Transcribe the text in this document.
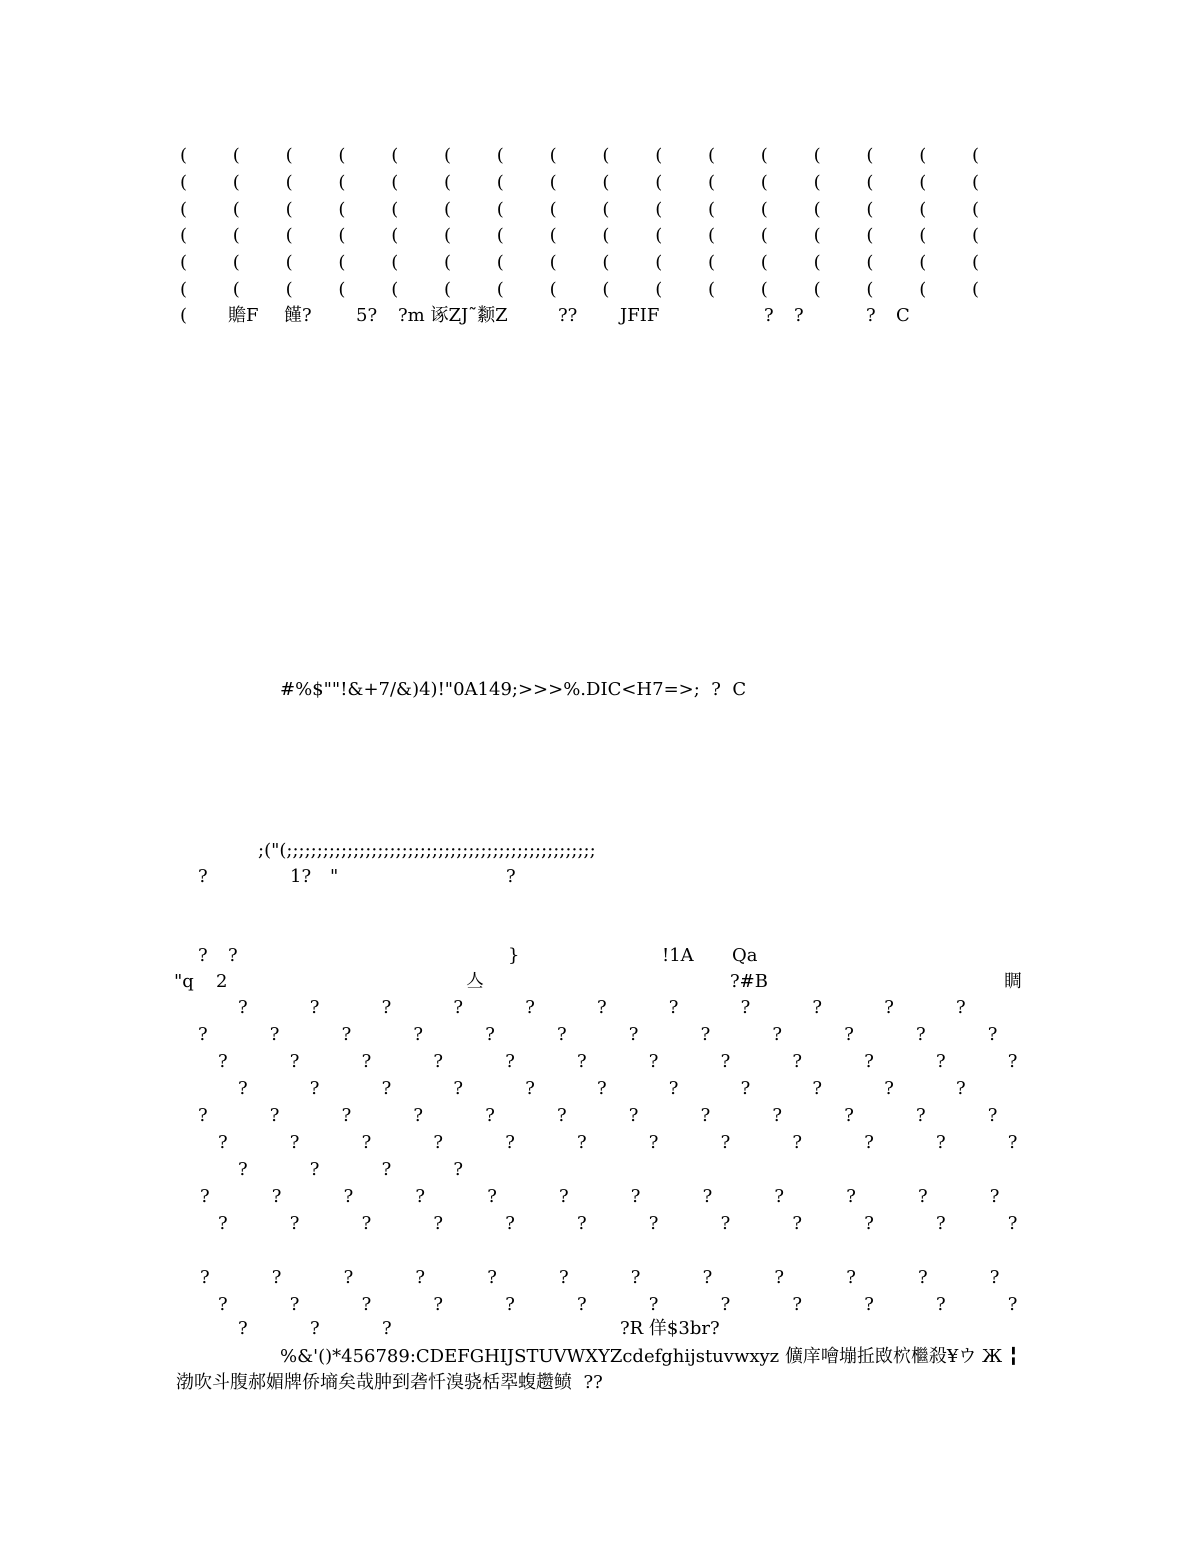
(	(	(	(	(	(	(	(	(	(	(	(	(	(	(	(
(	(	(	(	(	(	(	(	(	(	(	(	(	(	(	(
(	(	(	(	(	(	(	(	(	(	(	(	(	(	(	(
(	(	(	(	(	(	(	(	(	(	(	(	(	(	(	(
(	(	(	(	(	(	(	(	(	(	(	(	(	(	(	(
(	(	(	(	(	(	(	(	(	(	(	(	(	(	(	(
( 贍F 饉? 5? ?m 诼ZJ˜颣Z	?? JFIF	? ?	? C
#%$""!&+7/&)4)!"0A149;>>>%.DIC<H7=>;  ?  C
;("(;;;;;;;;;;;;;;;;;;;;;;;;;;;;;;;;;;;;;;;;;;;;;;;;;;;
?	1? "	?
? ?	}	!1A Qa
"q 2	亼	?#B	睭
?	?	?	?	?	?	?	?	?	?	?
?	?	?	?	?	?	?	?	?	?	?	?
?	?	?	?	?	?	?	?	?	?	?	?
?	?	?	?	?	?	?	?	?	?	?
?	?	?	?	?	?	?	?	?	?	?	?
?	?	?	?	?	?	?	?	?	?	?	?
?	?	?	?
?	?	?	?	?	?	?	?	?	?	?	?
?	?	?	?	?	?	?	?	?	?	?	?
?	?	?	?	?	?	?	?	?	?	?	?
?	?	?	?	?	?	?	?	?	?	?	?
?	?	?	?R 佯$3br?
%&'()*456789:CDEFGHIJSTUVWXYZcdefghijstuvwxyz 儣庠噲塴拞敃柼檵殺¥ウ Ж ╏
渤吹斗腹郝媚牌侨墒矣哉肿到砻忏溴骁栝翆蝮趱鲼  ??
